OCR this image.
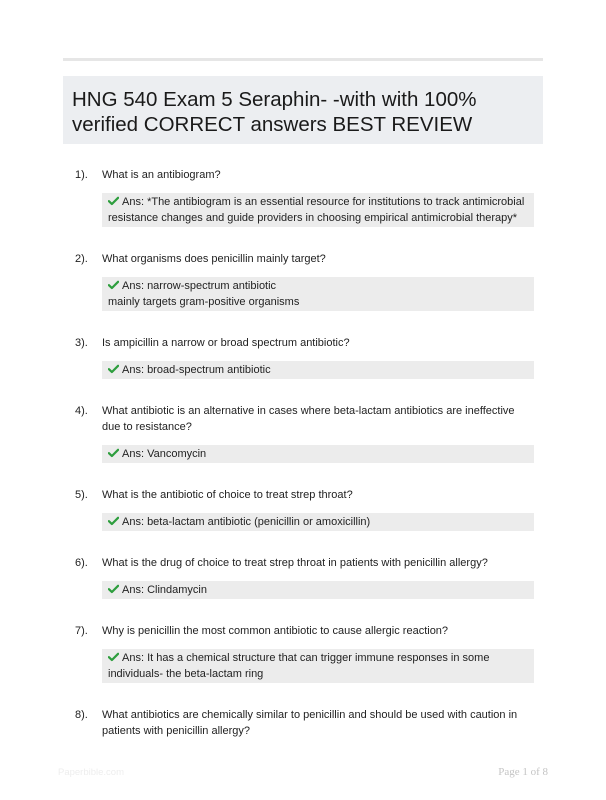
HNG 540 Exam 5 Seraphin- -with with 100% verified CORRECT answers BEST REVIEW
1). What is an antibiogram?
Ans: *The antibiogram is an essential resource for institutions to track antimicrobial
resistance changes and guide providers in choosing empirical antimicrobial therapy*
2). What organisms does penicillin mainly target?
Ans: narrow-spectrum antibiotic
mainly targets gram-positive organisms
3). Is ampicillin a narrow or broad spectrum antibiotic?
Ans: broad-spectrum antibiotic
4). What antibiotic is an alternative in cases where beta-lactam antibiotics are ineffective due to resistance?
Ans: Vancomycin
5). What is the antibiotic of choice to treat strep throat?
Ans: beta-lactam antibiotic (penicillin or amoxicillin)
6). What is the drug of choice to treat strep throat in patients with penicillin allergy?
Ans: Clindamycin
7). Why is penicillin the most common antibiotic to cause allergic reaction?
Ans: It has a chemical structure that can trigger immune responses in some
individuals- the beta-lactam ring
8). What antibiotics are chemically similar to penicillin and should be used with caution in patients with penicillin allergy?
Paperbible.com	Page 1 of 8
